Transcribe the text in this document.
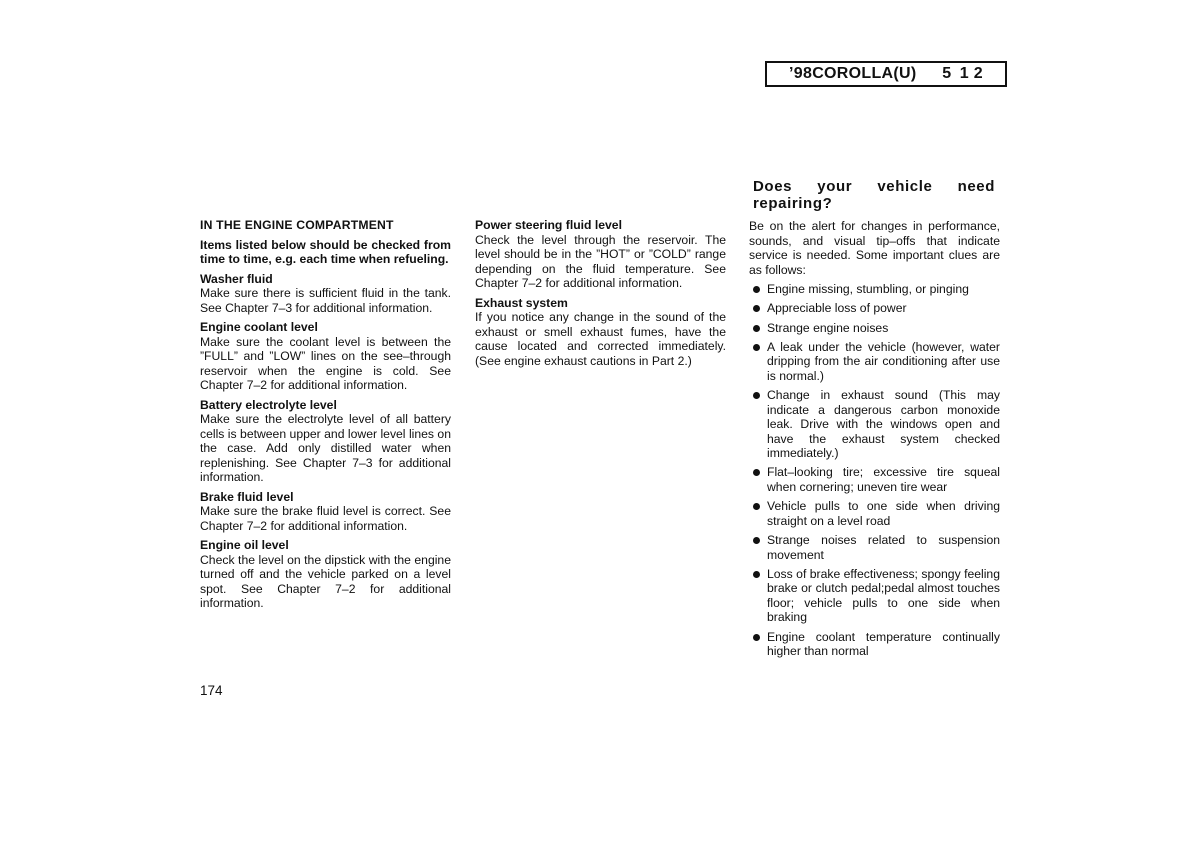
’98COROLLA(U)   5 1 2

IN THE ENGINE COMPARTMENT

Items listed below should be checked from time to time, e.g. each time when refueling.

Washer fluid

Make sure there is sufficient fluid in the tank. See Chapter 7–3 for additional information.

Engine coolant level

Make sure the coolant level is between the ”FULL” and ”LOW” lines on the see–through reservoir when the engine is cold. See Chapter 7–2 for additional information.

Battery electrolyte level

Make sure the electrolyte level of all battery cells is between upper and lower level lines on the case. Add only distilled water when replenishing. See Chapter 7–3 for additional information.

Brake fluid level

Make sure the brake fluid level is correct. See Chapter 7–2 for additional information.

Engine oil level

Check the level on the dipstick with the engine turned off and the vehicle parked on a level spot. See Chapter 7–2 for additional information.

Power steering fluid level

Check the level through the reservoir. The level should be in the ”HOT” or ”COLD” range depending on the fluid temperature. See Chapter 7–2 for additional information.

Exhaust system

If you notice any change in the sound of the exhaust or smell exhaust fumes, have the cause located and corrected immediately. (See engine exhaust cautions in Part 2.)

Does your vehicle need repairing?

Be on the alert for changes in performance, sounds, and visual tip–offs that indicate service is needed. Some important clues are as follows:

Engine missing, stumbling, or pinging
Appreciable loss of power
Strange engine noises
A leak under the vehicle (however, water dripping from the air conditioning after use is normal.)
Change in exhaust sound (This may indicate a dangerous carbon monoxide leak. Drive with the windows open and have the exhaust system checked immediately.)
Flat–looking tire; excessive tire squeal when cornering; uneven tire wear
Vehicle pulls to one side when driving straight on a level road
Strange noises related to suspension movement
Loss of brake effectiveness; spongy feeling brake or clutch pedal;pedal almost touches floor; vehicle pulls to one side when braking
Engine coolant temperature continually higher than normal
174
